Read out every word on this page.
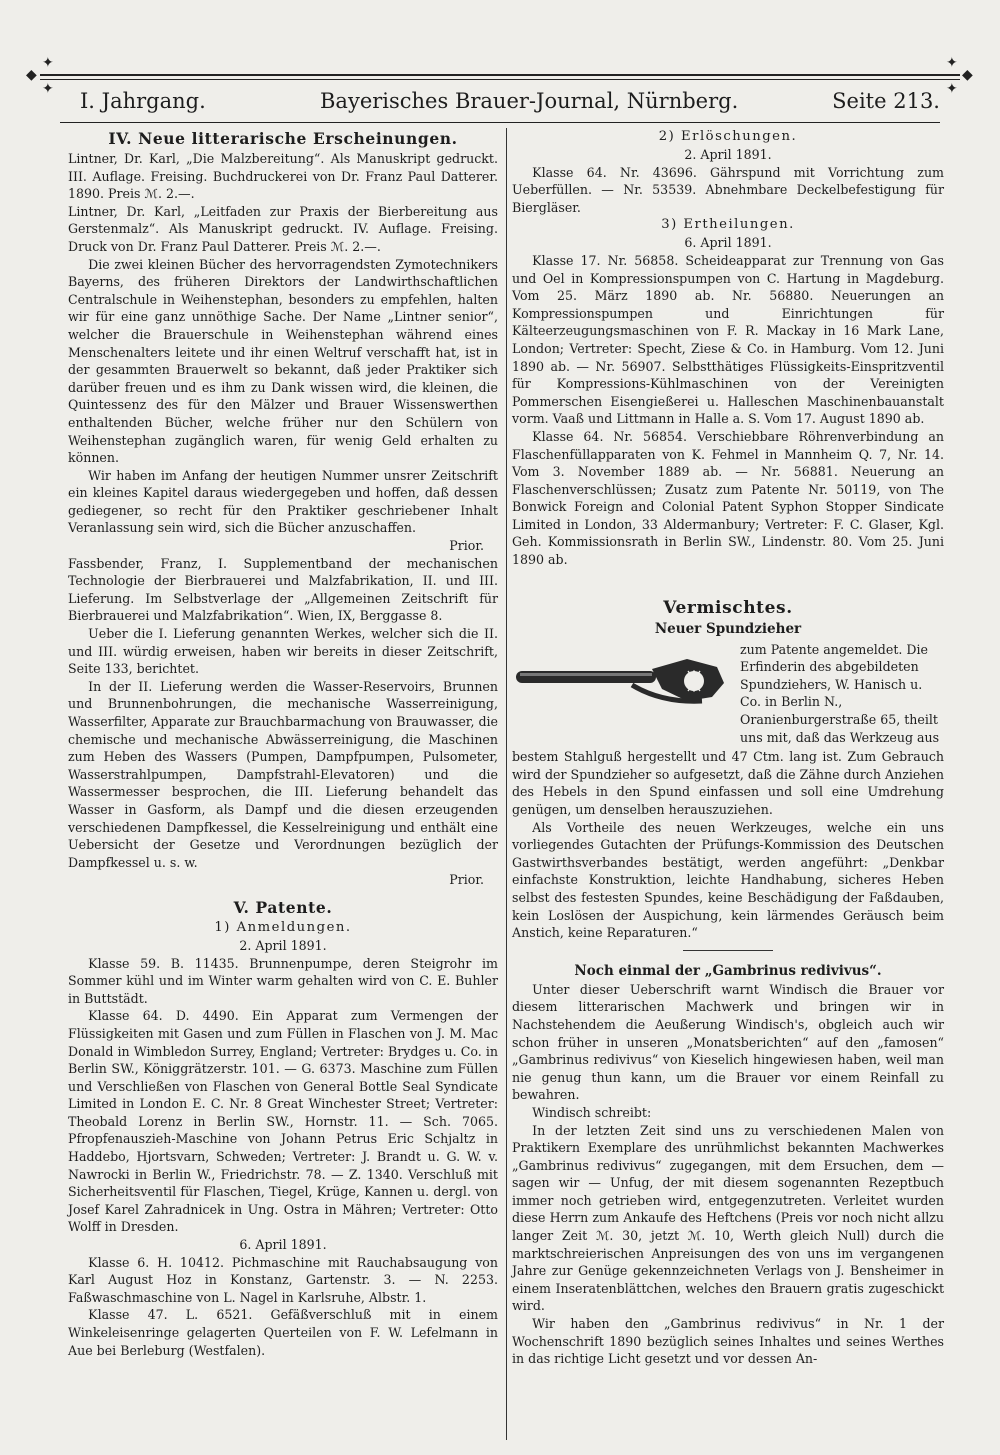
◆	◆
✦	✦
✦	✦
I. Jahrgang.	Bayerisches Brauer-Journal, Nürnberg.	Seite 213.
IV. Neue litterarische Erscheinungen.

Lintner, Dr. Karl, „Die Malzbereitung“. Als Manuskript gedruckt. III. Auflage. Freising. Buchdruckerei von Dr. Franz Paul Datterer. 1890. Preis ℳ. 2.—.

Lintner, Dr. Karl, „Leitfaden zur Praxis der Bierbereitung aus Gerstenmalz“. Als Manuskript gedruckt. IV. Auflage. Freising. Druck von Dr. Franz Paul Datterer. Preis ℳ. 2.—.

Die zwei kleinen Bücher des hervorragendsten Zymotechnikers Bayerns, des früheren Direktors der Landwirthschaftlichen Centralschule in Weihenstephan, besonders zu empfehlen, halten wir für eine ganz unnöthige Sache. Der Name „Lintner senior“, welcher die Brauerschule in Weihenstephan während eines Menschenalters leitete und ihr einen Weltruf verschafft hat, ist in der gesammten Brauerwelt so bekannt, daß jeder Praktiker sich darüber freuen und es ihm zu Dank wissen wird, die kleinen, die Quintessenz des für den Mälzer und Brauer Wissenswerthen enthaltenden Bücher, welche früher nur den Schülern von Weihenstephan zugänglich waren, für wenig Geld erhalten zu können.

Wir haben im Anfang der heutigen Nummer unsrer Zeitschrift ein kleines Kapitel daraus wiedergegeben und hoffen, daß dessen gediegener, so recht für den Praktiker geschriebener Inhalt Veranlassung sein wird, sich die Bücher anzuschaffen.

Prior.

Fassbender, Franz, I. Supplementband der mechanischen Technologie der Bierbrauerei und Malzfabrikation, II. und III. Lieferung. Im Selbstverlage der „Allgemeinen Zeitschrift für Bierbrauerei und Malzfabrikation“. Wien, IX, Berggasse 8.

Ueber die I. Lieferung genannten Werkes, welcher sich die II. und III. würdig erweisen, haben wir bereits in dieser Zeitschrift, Seite 133, berichtet.

In der II. Lieferung werden die Wasser-Reservoirs, Brunnen und Brunnenbohrungen, die mechanische Wasserreinigung, Wasserfilter, Apparate zur Brauchbarmachung von Brauwasser, die chemische und mechanische Abwässerreinigung, die Maschinen zum Heben des Wassers (Pumpen, Dampfpumpen, Pulsometer, Wasserstrahlpumpen, Dampfstrahl-Elevatoren) und die Wassermesser besprochen, die III. Lieferung behandelt das Wasser in Gasform, als Dampf und die diesen erzeugenden verschiedenen Dampfkessel, die Kesselreinigung und enthält eine Uebersicht der Gesetze und Verordnungen bezüglich der Dampfkessel u. s. w.

Prior.

V. Patente.
1) Anmeldungen.

2. April 1891.

Klasse 59. B. 11435. Brunnenpumpe, deren Steigrohr im Sommer kühl und im Winter warm gehalten wird von C. E. Buhler in Buttstädt.

Klasse 64. D. 4490. Ein Apparat zum Vermengen der Flüssigkeiten mit Gasen und zum Füllen in Flaschen von J. M. Mac Donald in Wimbledon Surrey, England; Vertreter: Brydges u. Co. in Berlin SW., Königgrätzerstr. 101. — G. 6373. Maschine zum Füllen und Verschließen von Flaschen von General Bottle Seal Syndicate Limited in London E. C. Nr. 8 Great Winchester Street; Vertreter: Theobald Lorenz in Berlin SW., Hornstr. 11. — Sch. 7065. Pfropfenauszieh-Maschine von Johann Petrus Eric Schjaltz in Haddebo, Hjortsvarn, Schweden; Vertreter: J. Brandt u. G. W. v. Nawrocki in Berlin W., Friedrichstr. 78. — Z. 1340. Verschluß mit Sicherheitsventil für Flaschen, Tiegel, Krüge, Kannen u. dergl. von Josef Karel Zahradnicek in Ung. Ostra in Mähren; Vertreter: Otto Wolff in Dresden.

6. April 1891.

Klasse 6. H. 10412. Pichmaschine mit Rauchabsaugung von Karl August Hoz in Konstanz, Gartenstr. 3. — N. 2253. Faßwaschmaschine von L. Nagel in Karlsruhe, Albstr. 1.

Klasse 47. L. 6521. Gefäßverschluß mit in einem Winkeleisenringe gelagerten Querteilen von F. W. Lefelmann in Aue bei Berleburg (Westfalen).

2) Erlöschungen.

2. April 1891.

Klasse 64. Nr. 43696. Gährspund mit Vorrichtung zum Ueberfüllen. — Nr. 53539. Abnehmbare Deckelbefestigung für Biergläser.

3) Ertheilungen.

6. April 1891.

Klasse 17. Nr. 56858. Scheideapparat zur Trennung von Gas und Oel in Kompressionspumpen von C. Hartung in Magdeburg. Vom 25. März 1890 ab. Nr. 56880. Neuerungen an Kompressionspumpen und Einrichtungen für Kälteerzeugungsmaschinen von F. R. Mackay in 16 Mark Lane, London; Vertreter: Specht, Ziese & Co. in Hamburg. Vom 12. Juni 1890 ab. — Nr. 56907. Selbstthätiges Flüssigkeits-Einspritzventil für Kompressions-Kühlmaschinen von der Vereinigten Pommerschen Eisengießerei u. Halleschen Maschinenbauanstalt vorm. Vaaß und Littmann in Halle a. S. Vom 17. August 1890 ab.

Klasse 64. Nr. 56854. Verschiebbare Röhrenverbindung an Flaschenfüllapparaten von K. Fehmel in Mannheim Q. 7, Nr. 14. Vom 3. November 1889 ab. — Nr. 56881. Neuerung an Flaschenverschlüssen; Zusatz zum Patente Nr. 50119, von The Bonwick Foreign and Colonial Patent Syphon Stopper Sindicate Limited in London, 33 Aldermanbury; Vertreter: F. C. Glaser, Kgl. Geh. Kommissionsrath in Berlin SW., Lindenstr. 80. Vom 25. Juni 1890 ab.

Vermischtes.
Neuer Spundzieher

zum Patente angemeldet. Die Erfinderin des abgebildeten Spundziehers, W. Hanisch u. Co. in Berlin N., Oranienburgerstraße 65, theilt uns mit, daß das Werkzeug aus

bestem Stahlguß hergestellt und 47 Ctm. lang ist. Zum Gebrauch wird der Spundzieher so aufgesetzt, daß die Zähne durch Anziehen des Hebels in den Spund einfassen und soll eine Umdrehung genügen, um denselben herauszuziehen.

Als Vortheile des neuen Werkzeuges, welche ein uns vorliegendes Gutachten der Prüfungs-Kommission des Deutschen Gastwirthsverbandes bestätigt, werden angeführt: „Denkbar einfachste Konstruktion, leichte Handhabung, sicheres Heben selbst des festesten Spundes, keine Beschädigung der Faßdauben, kein Loslösen der Auspichung, kein lärmendes Geräusch beim Anstich, keine Reparaturen.“

Noch einmal der „Gambrinus redivivus“.

Unter dieser Ueberschrift warnt Windisch die Brauer vor diesem litterarischen Machwerk und bringen wir in Nachstehendem die Aeußerung Windisch's, obgleich auch wir schon früher in unseren „Monatsberichten“ auf den „famosen“ „Gambrinus redivivus“ von Kieselich hingewiesen haben, weil man nie genug thun kann, um die Brauer vor einem Reinfall zu bewahren.

Windisch schreibt:

In der letzten Zeit sind uns zu verschiedenen Malen von Praktikern Exemplare des unrühmlichst bekannten Machwerkes „Gambrinus redivivus“ zugegangen, mit dem Ersuchen, dem — sagen wir — Unfug, der mit diesem sogenannten Rezeptbuch immer noch getrieben wird, entgegenzutreten. Verleitet wurden diese Herrn zum Ankaufe des Heftchens (Preis vor noch nicht allzu langer Zeit ℳ. 30, jetzt ℳ. 10, Werth gleich Null) durch die marktschreierischen Anpreisungen des von uns im vergangenen Jahre zur Genüge gekennzeichneten Verlags von J. Bensheimer in einem Inseratenblättchen, welches den Brauern gratis zugeschickt wird.

Wir haben den „Gambrinus redivivus“ in Nr. 1 der Wochenschrift 1890 bezüglich seines Inhaltes und seines Werthes in das richtige Licht gesetzt und vor dessen An-
